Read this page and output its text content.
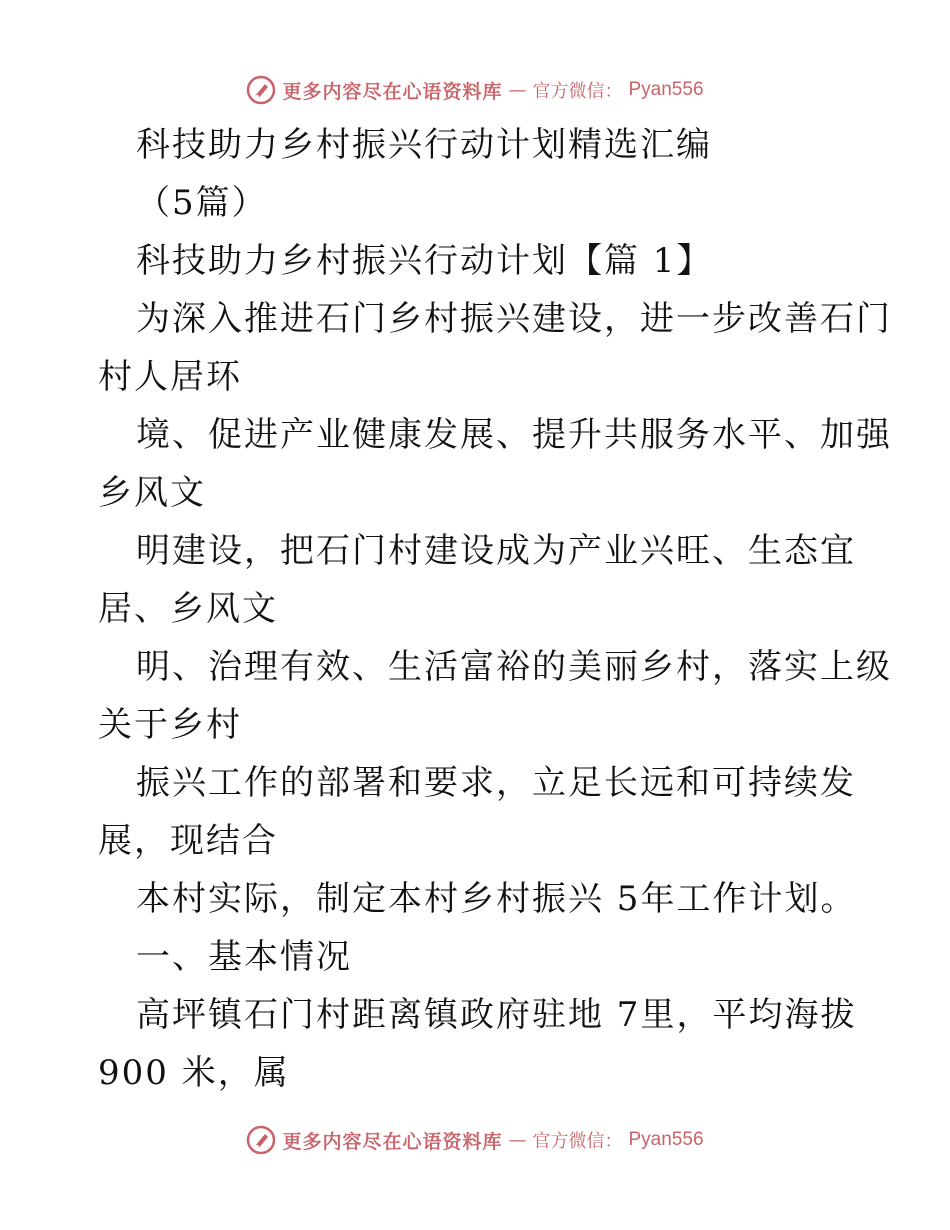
更多内容尽在心语资料库 — 官方微信： Pyan556
科技助力乡村振兴行动计划精选汇编
（5篇）
科技助力乡村振兴行动计划【篇 1】
为深入推进石门乡村振兴建设，进一步改善石门
村人居环
境、促进产业健康发展、提升共服务水平、加强
乡风文
明建设，把石门村建设成为产业兴旺、生态宜
居、乡风文
明、治理有效、生活富裕的美丽乡村，落实上级
关于乡村
振兴工作的部署和要求，立足长远和可持续发
展，现结合
本村实际，制定本村乡村振兴 5年工作计划。
一、基本情况
高坪镇石门村距离镇政府驻地 7里，平均海拔
900 米，属
更多内容尽在心语资料库 — 官方微信： Pyan556
